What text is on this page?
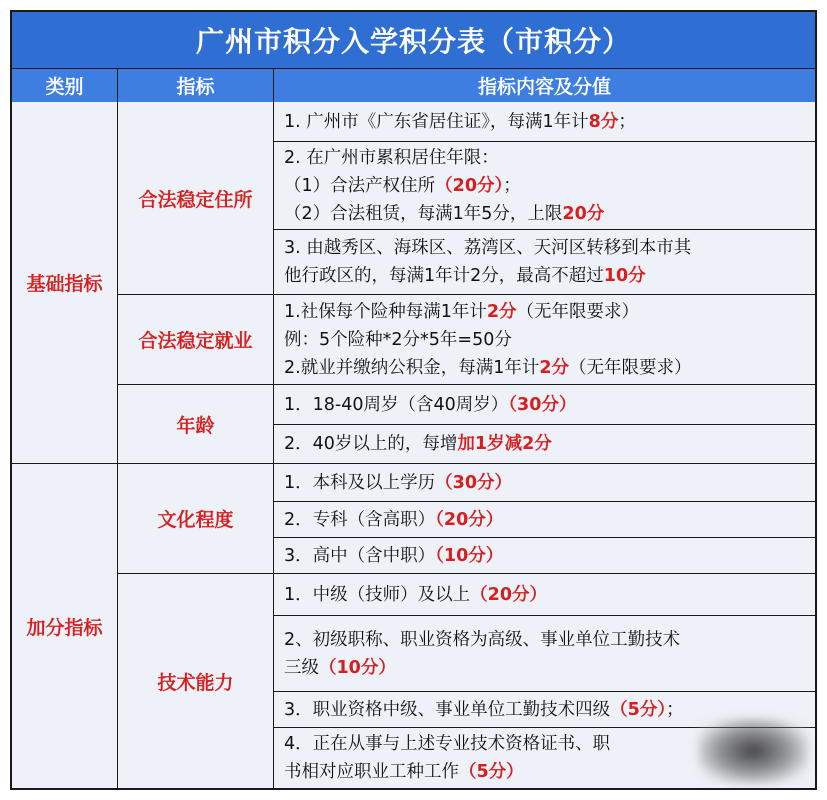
广州市积分入学积分表（市积分）
类别	指标	指标内容及分值
基础指标
加分指标
合法稳定住所
合法稳定就业
年龄
文化程度
技术能力
1. 广州市《广东省居住证》，每满1年计8分；
2. 在广州市累积居住年限：
（1）合法产权住所（20分）；
（2）合法租赁，每满1年5分，上限20分
3. 由越秀区、海珠区、荔湾区、天河区转移到本市其
他行政区的，每满1年计2分，最高不超过10分
1.社保每个险种每满1年计2分（无年限要求）
例：5个险种*2分*5年=50分
2.就业并缴纳公积金，每满1年计2分（无年限要求）
1．18-40周岁（含40周岁）（30分）
2．40岁以上的，每增加1岁减2分
1．本科及以上学历（30分）
2．专科（含高职）（20分）
3．高中（含中职）（10分）
1．中级（技师）及以上（20分）
2、初级职称、职业资格为高级、事业单位工勤技术
三级（10分）
3．职业资格中级、事业单位工勤技术四级（5分）；
4．正在从事与上述专业技术资格证书、职
书相对应职业工种工作（5分）
